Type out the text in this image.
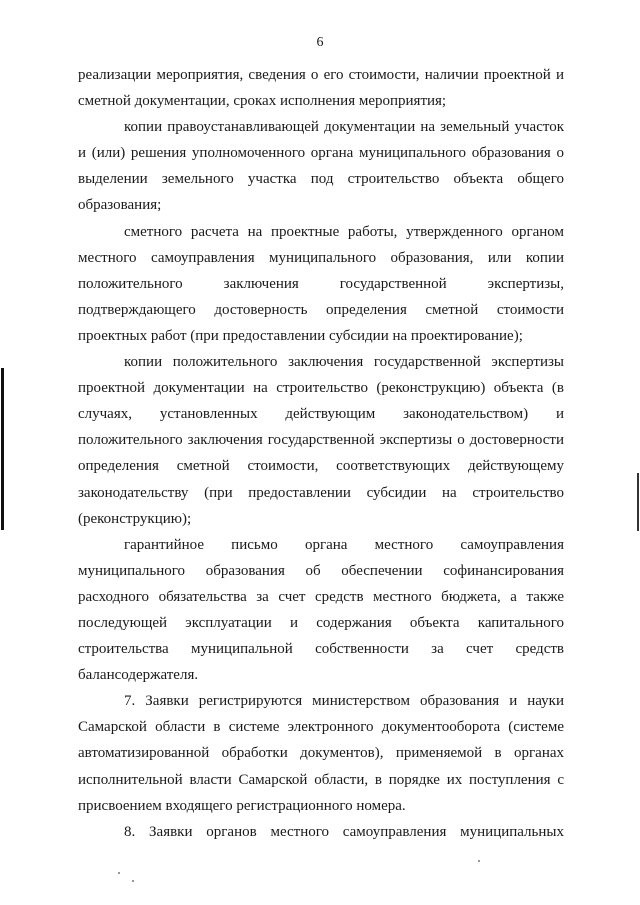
6

реализации мероприятия, сведения о его стоимости, наличии проектной и сметной документации, сроках исполнения мероприятия;

копии правоустанавливающей документации на земельный участок и (или) решения уполномоченного органа муниципального образования о выделении земельного участка под строительство объекта общего образования;

сметного расчета на проектные работы, утвержденного органом местного самоуправления муниципального образования, или копии положительного заключения государственной экспертизы, подтверждающего достоверность определения сметной стоимости проектных работ (при предоставлении субсидии на проектирование);

копии положительного заключения государственной экспертизы проектной документации на строительство (реконструкцию) объекта (в случаях, установленных действующим законодательством) и положительного заключения государственной экспертизы о достоверности определения сметной стоимости, соответствующих действующему законодательству (при предоставлении субсидии на строительство (реконструкцию);

гарантийное письмо органа местного самоуправления муниципального образования об обеспечении софинансирования расходного обязательства за счет средств местного бюджета, а также последующей эксплуатации и содержания объекта капитального строительства муниципальной собственности за счет средств балансодержателя.

7. Заявки регистрируются министерством образования и науки Самарской области в системе электронного документооборота (системе автоматизированной обработки документов), применяемой в органах исполнительной власти Самарской области, в порядке их поступления с присвоением входящего регистрационного номера.

8. Заявки органов местного самоуправления муниципальных
